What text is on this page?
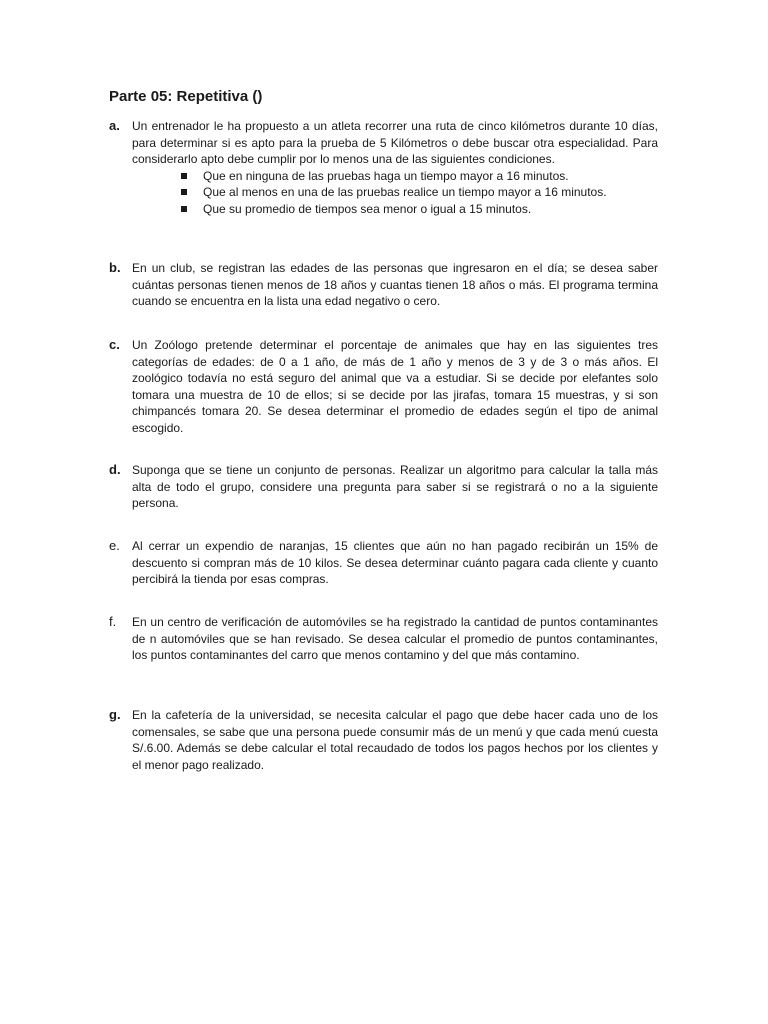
Parte 05: Repetitiva ()
a. Un entrenador le ha propuesto a un atleta recorrer una ruta de cinco kilómetros durante 10 días, para determinar si es apto para la prueba de 5 Kilómetros o debe buscar otra especialidad. Para considerarlo apto debe cumplir por lo menos una de las siguientes condiciones.
Que en ninguna de las pruebas haga un tiempo mayor a 16 minutos.
Que al menos en una de las pruebas realice un tiempo mayor a 16 minutos.
Que su promedio de tiempos sea menor o igual a 15 minutos.
b. En un club, se registran las edades de las personas que ingresaron en el día; se desea saber cuántas personas tienen menos de 18 años y cuantas tienen 18 años o más. El programa termina cuando se encuentra en la lista una edad negativo o cero.
c. Un Zoólogo pretende determinar el porcentaje de animales que hay en las siguientes tres categorías de edades: de 0 a 1 año, de más de 1 año y menos de 3 y de 3 o más años. El zoológico todavía no está seguro del animal que va a estudiar. Si se decide por elefantes solo tomara una muestra de 10 de ellos; si se decide por las jirafas, tomara 15 muestras, y si son chimpancés tomara 20. Se desea determinar el promedio de edades según el tipo de animal escogido.
d. Suponga que se tiene un conjunto de personas. Realizar un algoritmo para calcular la talla más alta de todo el grupo, considere una pregunta para saber si se registrará o no a la siguiente persona.
e. Al cerrar un expendio de naranjas, 15 clientes que aún no han pagado recibirán un 15% de descuento si compran más de 10 kilos. Se desea determinar cuánto pagara cada cliente y cuanto percibirá la tienda por esas compras.
f. En un centro de verificación de automóviles se ha registrado la cantidad de puntos contaminantes de n automóviles que se han revisado. Se desea calcular el promedio de puntos contaminantes, los puntos contaminantes del carro que menos contamino y del que más contamino.
g. En la cafetería de la universidad, se necesita calcular el pago que debe hacer cada uno de los comensales, se sabe que una persona puede consumir más de un menú y que cada menú cuesta S/.6.00. Además se debe calcular el total recaudado de todos los pagos hechos por los clientes y el menor pago realizado.
